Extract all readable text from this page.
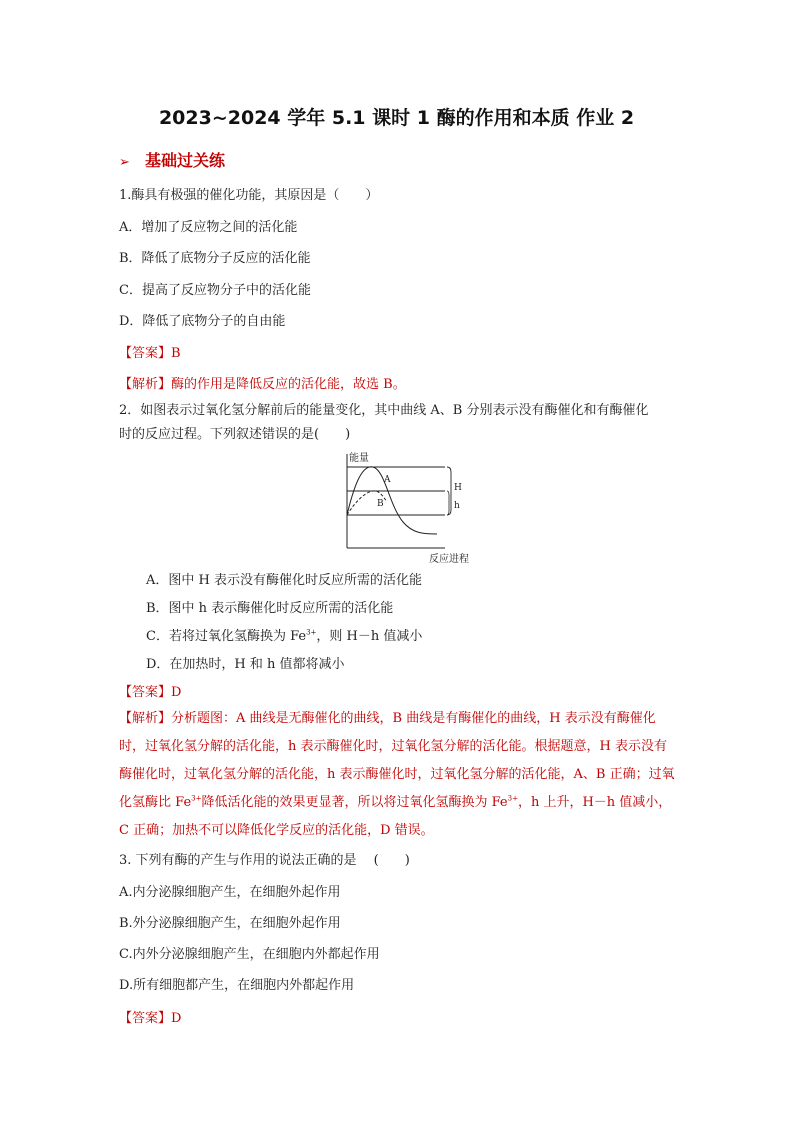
2023~2024 学年 5.1 课时 1 酶的作用和本质 作业 2
➢ 基础过关练
1.酶具有极强的催化功能，其原因是（　　）
A．增加了反应物之间的活化能
B．降低了底物分子反应的活化能
C．提高了反应物分子中的活化能
D．降低了底物分子的自由能
【答案】B
【解析】酶的作用是降低反应的活化能，故选 B。
2．如图表示过氧化氢分解前后的能量变化，其中曲线 A、B 分别表示没有酶催化和有酶催化
时的反应过程。下列叙述错误的是(　　)
能量
A
B
H
h
反应进程
A．图中 H 表示没有酶催化时反应所需的活化能
B．图中 h 表示酶催化时反应所需的活化能
C．若将过氧化氢酶换为 $Fe^{3+}$，则 H－h 值减小
D．在加热时，H 和 h 值都将减小
【答案】D
【解析】分析题图：A 曲线是无酶催化的曲线，B 曲线是有酶催化的曲线，H 表示没有酶催化时，过氧化氢分解的活化能，h 表示酶催化时，过氧化氢分解的活化能。根据题意，H 表示没有酶催化时，过氧化氢分解的活化能，h 表示酶催化时，过氧化氢分解的活化能，A、B 正确；过氧化氢酶比 $Fe^{3+}$降低活化能的效果更显著，所以将过氧化氢酶换为 $Fe^{3+}$，h 上升，H－h 值减小，C 正确；加热不可以降低化学反应的活化能，D 错误。
3. 下列有酶的产生与作用的说法正确的是　 (　　)
A.内分泌腺细胞产生，在细胞外起作用
B.外分泌腺细胞产生，在细胞外起作用
C.内外分泌腺细胞产生，在细胞内外都起作用
D.所有细胞都产生，在细胞内外都起作用
【答案】D
